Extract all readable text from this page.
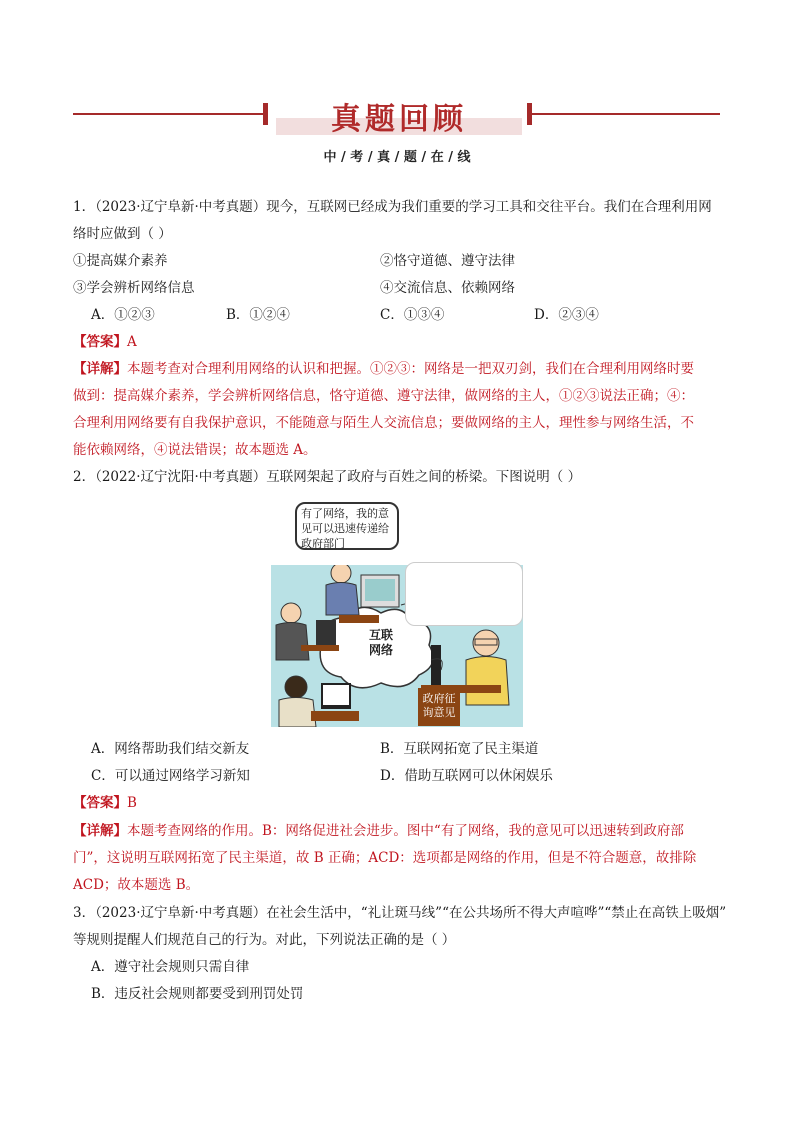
真题回顾
中 / 考 / 真 / 题 / 在 / 线
1．（2023·辽宁阜新·中考真题）现今，互联网已经成为我们重要的学习工具和交往平台。我们在合理利用网
络时应做到（ ）
①提高媒介素养	②恪守道德、遵守法律
③学会辨析网络信息	④交流信息、依赖网络
A．①②③	B．①②④	C．①③④	D．②③④
【答案】A
【详解】本题考查对合理利用网络的认识和把握。①②③：网络是一把双刃剑，我们在合理利用网络时要
做到：提高媒介素养，学会辨析网络信息，恪守道德、遵守法律，做网络的主人，①②③说法正确；④：
合理利用网络要有自我保护意识，不能随意与陌生人交流信息；要做网络的主人，理性参与网络生活，不
能依赖网络，④说法错误；故本题选 A。
2．（2022·辽宁沈阳·中考真题）互联网架起了政府与百姓之间的桥梁。下图说明（ ）
互联
网络
有了网络，我的意见可以迅速传递给政府部门
政府征询意见
A．网络帮助我们结交新友	B．互联网拓宽了民主渠道
C．可以通过网络学习新知	D．借助互联网可以休闲娱乐
【答案】B
【详解】本题考查网络的作用。B：网络促进社会进步。图中“有了网络，我的意见可以迅速转到政府部
门”，这说明互联网拓宽了民主渠道，故 B 正确；ACD：选项都是网络的作用，但是不符合题意，故排除
ACD；故本题选 B。
3．（2023·辽宁阜新·中考真题）在社会生活中，“礼让斑马线”“在公共场所不得大声喧哗”“禁止在高铁上吸烟”
等规则提醒人们规范自己的行为。对此，下列说法正确的是（ ）
A．遵守社会规则只需自律
B．违反社会规则都要受到刑罚处罚
